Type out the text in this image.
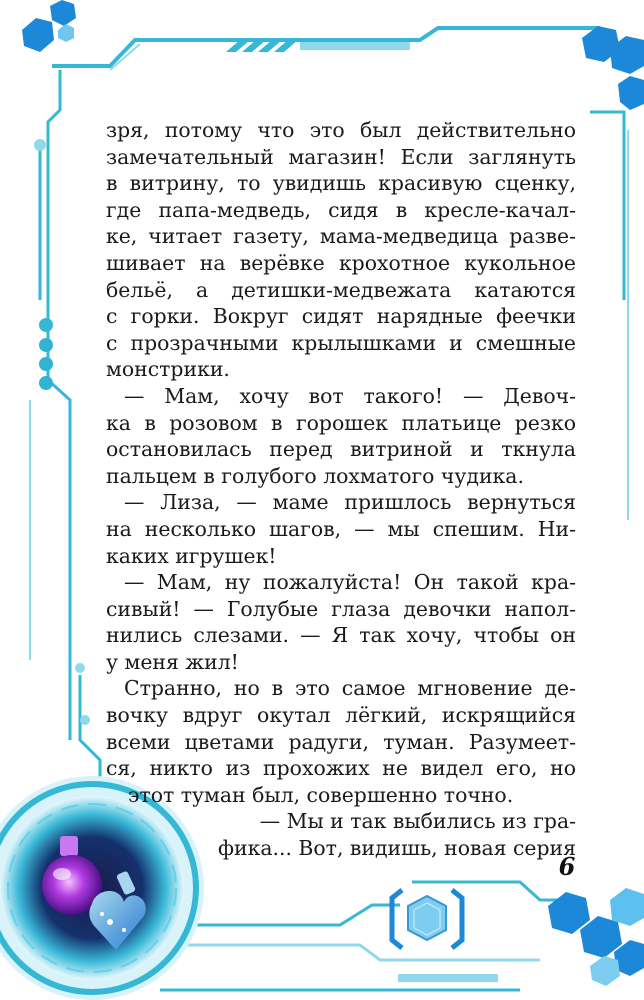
зря, потому что это был действительно
замечательный магазин! Если заглянуть
в витрину, то увидишь красивую сценку,
где папа-медведь, сидя в кресле-качал-
ке, читает газету, мама-медведица разве-
шивает на верёвке крохотное кукольное
бельё, а детишки-медвежата катаются
с горки. Вокруг сидят нарядные феечки
с прозрачными крылышками и смешные
монстрики.
— Мам, хочу вот такого! — Девоч-
ка в розовом в горошек платьице резко
остановилась перед витриной и ткнула
пальцем в голубого лохматого чудика.
— Лиза, — маме пришлось вернуться
на несколько шагов, — мы спешим. Ни-
каких игрушек!
— Мам, ну пожалуйста! Он такой кра-
сивый! — Голубые глаза девочки напол-
нились слезами. — Я так хочу, чтобы он
у меня жил!
Странно, но в это самое мгновение де-
вочку вдруг окутал лёгкий, искрящийся
всеми цветами радуги, туман. Разумеет-
ся, никто из прохожих не видел его, но
этот туман был, совершенно точно.
— Мы и так выбились из гра-
фика... Вот, видишь, новая серия
6
